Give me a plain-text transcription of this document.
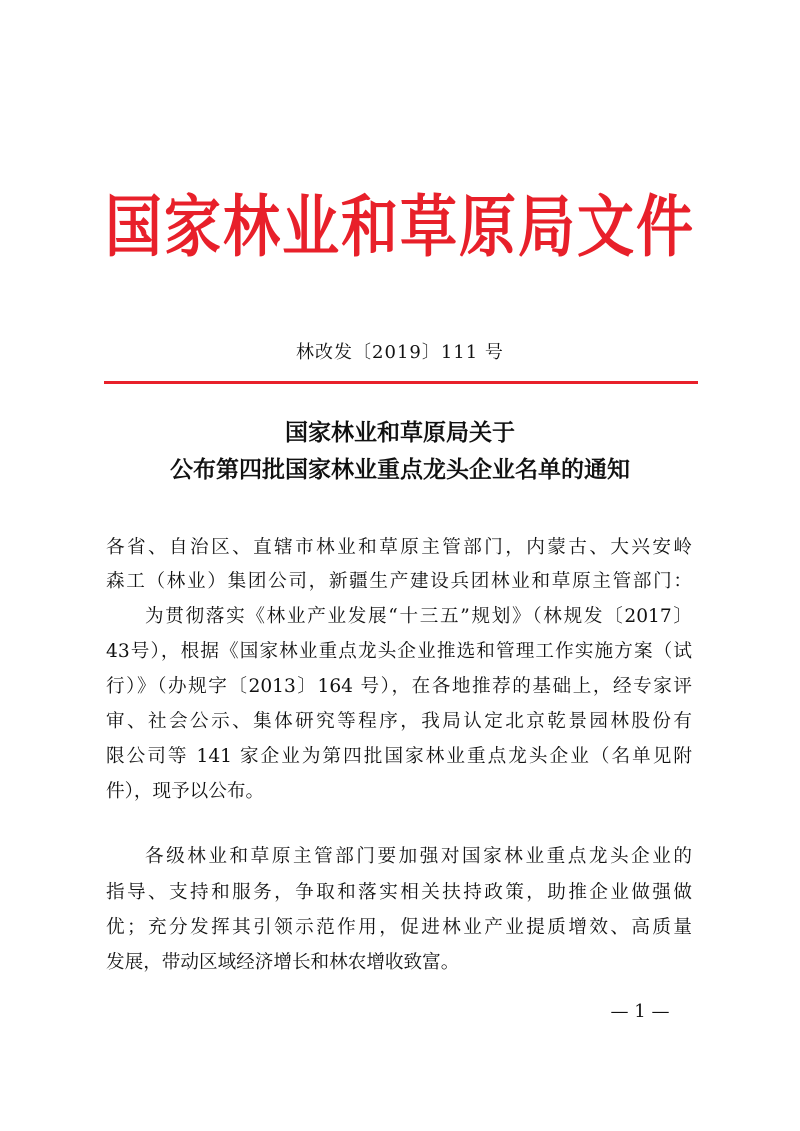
国家林业和草原局文件
林改发〔2019〕111 号
国家林业和草原局关于
公布第四批国家林业重点龙头企业名单的通知
各省、自治区、直辖市林业和草原主管部门，内蒙古、大兴安岭
森工（林业）集团公司，新疆生产建设兵团林业和草原主管部门：
为贯彻落实《林业产业发展“十三五”规划》（林规发〔2017〕
43号），根据《国家林业重点龙头企业推选和管理工作实施方案（试
行）》（办规字〔2013〕164 号），在各地推荐的基础上，经专家评
审、社会公示、集体研究等程序，我局认定北京乾景园林股份有
限公司等 141 家企业为第四批国家林业重点龙头企业（名单见附
件），现予以公布。
各级林业和草原主管部门要加强对国家林业重点龙头企业的
指导、支持和服务，争取和落实相关扶持政策，助推企业做强做
优；充分发挥其引领示范作用，促进林业产业提质增效、高质量
发展，带动区域经济增长和林农增收致富。
— 1 —
